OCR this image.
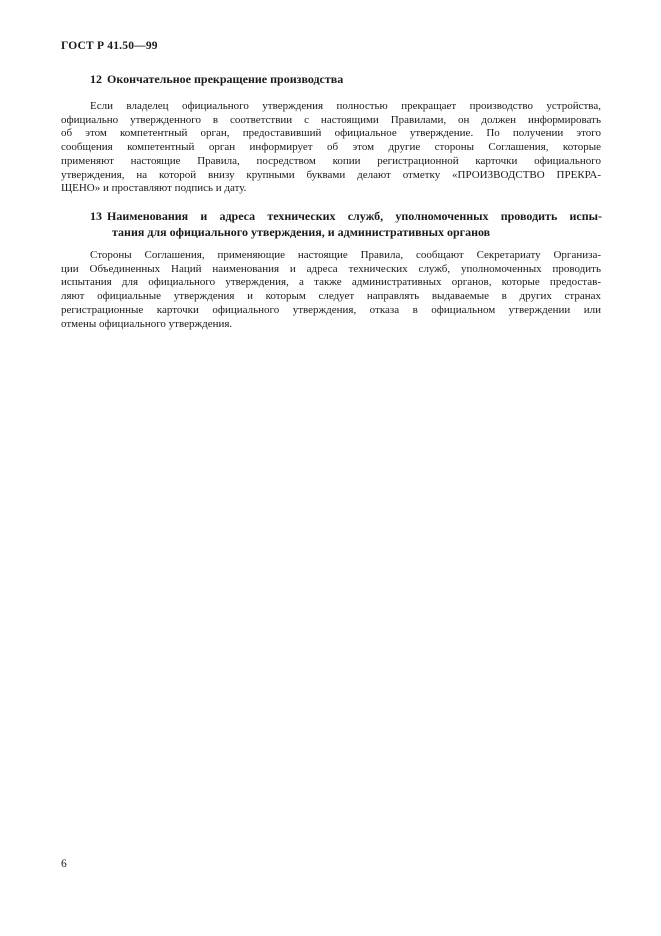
ГОСТ Р 41.50—99
12 Окончательное прекращение производства
Если владелец официального утверждения полностью прекращает производство устройства,
официально утвержденного в соответствии с настоящими Правилами, он должен информировать
об этом компетентный орган, предоставивший официальное утверждение. По получении этого
сообщения компетентный орган информирует об этом другие стороны Соглашения, которые
применяют настоящие Правила, посредством копии регистрационной карточки официального
утверждения, на которой внизу крупными буквами делают отметку «ПРОИЗВОДСТВО ПРЕКРА-
ЩЕНО» и проставляют подпись и дату.
13 Наименования и адреса технических служб, уполномоченных проводить испы-
тания для официального утверждения, и административных органов
Стороны Соглашения, применяющие настоящие Правила, сообщают Секретариату Организа-
ции Объединенных Наций наименования и адреса технических служб, уполномоченных проводить
испытания для официального утверждения, а также административных органов, которые предостав-
ляют официальные утверждения и которым следует направлять выдаваемые в других странах
регистрационные карточки официального утверждения, отказа в официальном утверждении или
отмены официального утверждения.
6
